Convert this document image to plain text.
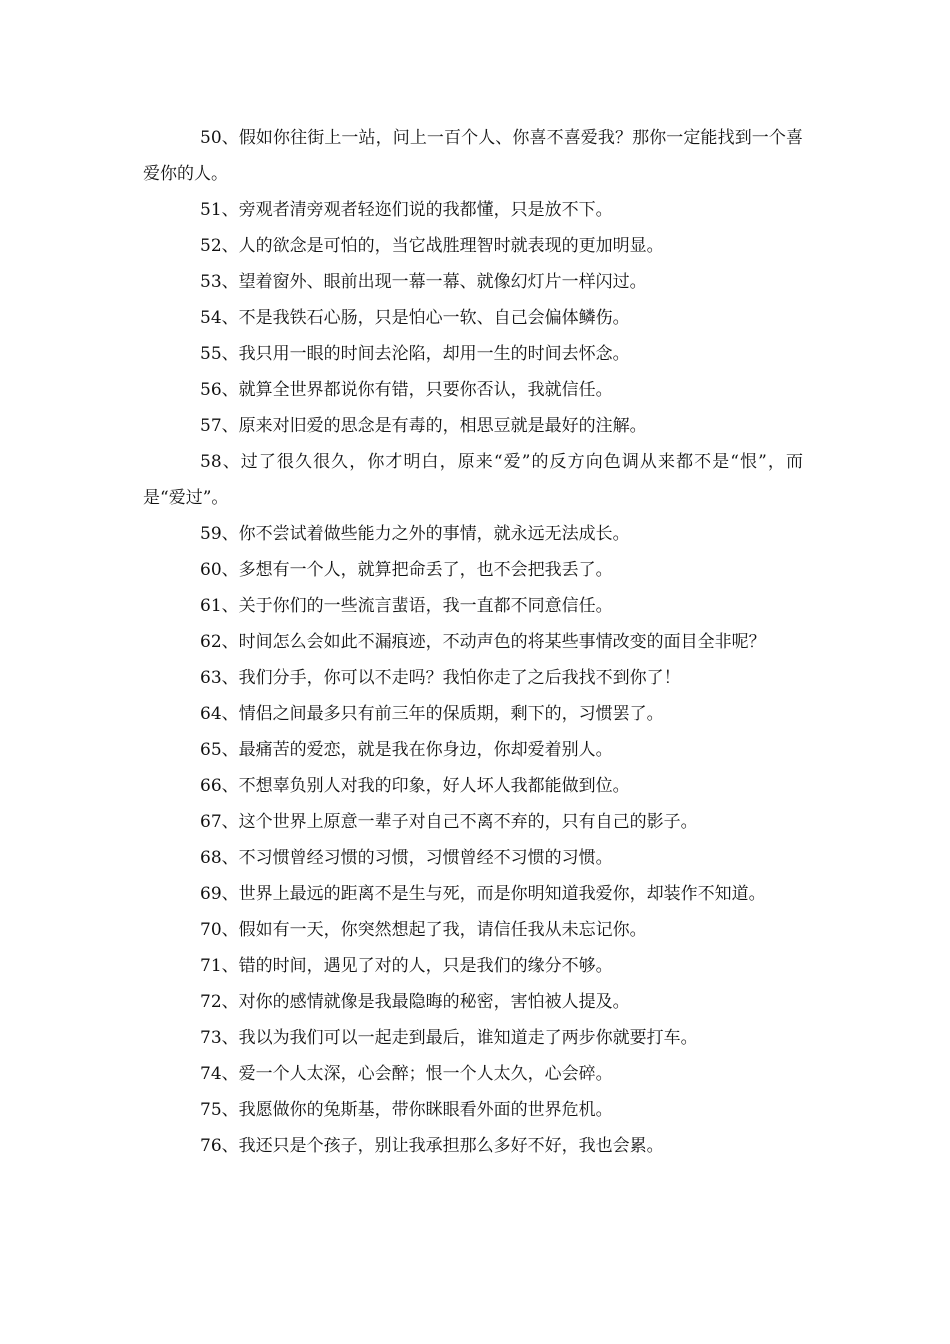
50、假如你往街上一站，问上一百个人、你喜不喜爱我？那你一定能找到一个喜爱你的人。

51、旁观者清旁观者轻迩们说的我都懂，只是放不下。

52、人的欲念是可怕的，当它战胜理智时就表现的更加明显。

53、望着窗外、眼前出现一幕一幕、就像幻灯片一样闪过。

54、不是我铁石心肠，只是怕心一软、自己会偏体鳞伤。

55、我只用一眼的时间去沦陷，却用一生的时间去怀念。

56、就算全世界都说你有错，只要你否认，我就信任。

57、原来对旧爱的思念是有毒的，相思豆就是最好的注解。

58、过了很久很久，你才明白，原来“爱”的反方向色调从来都不是“恨”，而是“爱过”。

59、你不尝试着做些能力之外的事情，就永远无法成长。

60、多想有一个人，就算把命丢了，也不会把我丢了。

61、关于你们的一些流言蜚语，我一直都不同意信任。

62、时间怎么会如此不漏痕迹，不动声色的将某些事情改变的面目全非呢？

63、我们分手，你可以不走吗？我怕你走了之后我找不到你了！

64、情侣之间最多只有前三年的保质期，剩下的，习惯罢了。

65、最痛苦的爱恋，就是我在你身边，你却爱着别人。

66、不想辜负别人对我的印象，好人坏人我都能做到位。

67、这个世界上原意一辈子对自己不离不弃的，只有自己的影子。

68、不习惯曾经习惯的习惯，习惯曾经不习惯的习惯。

69、世界上最远的距离不是生与死，而是你明知道我爱你，却装作不知道。

70、假如有一天，你突然想起了我，请信任我从未忘记你。

71、错的时间，遇见了对的人，只是我们的缘分不够。

72、对你的感情就像是我最隐晦的秘密，害怕被人提及。

73、我以为我们可以一起走到最后，谁知道走了两步你就要打车。

74、爱一个人太深，心会醉；恨一个人太久，心会碎。

75、我愿做你的兔斯基，带你眯眼看外面的世界危机。

76、我还只是个孩子，别让我承担那么多好不好，我也会累。
